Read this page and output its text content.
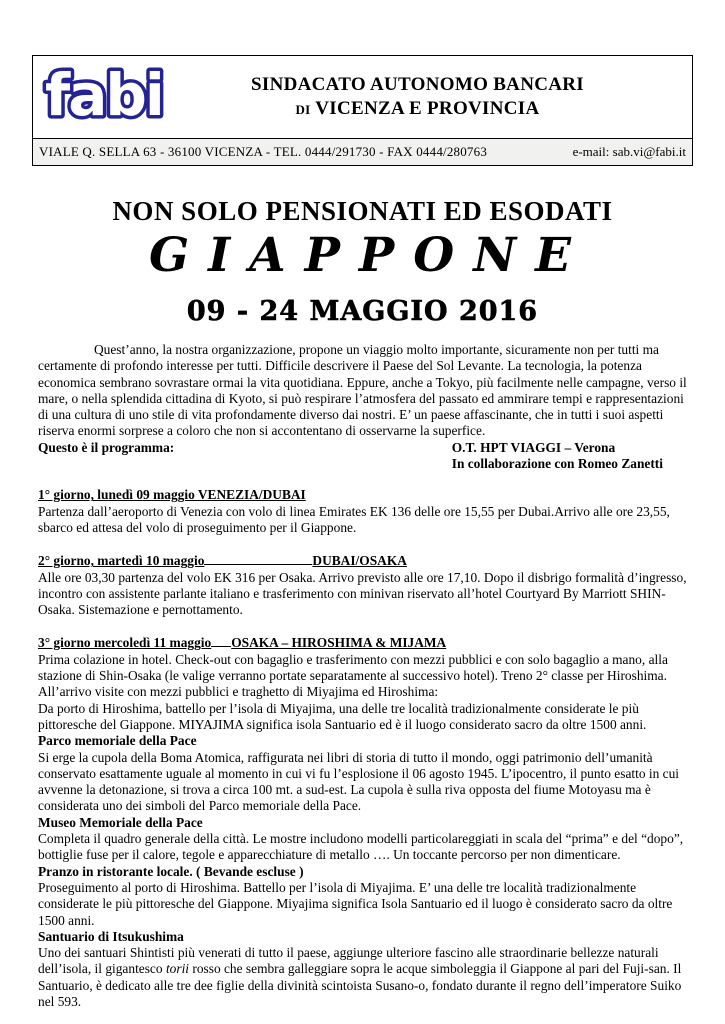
fabi	SINDACATO AUTONOMO BANCARI
DI VICENZA E PROVINCIA
VIALE Q. SELLA 63 - 36100 VICENZA - TEL. 0444/291730 - FAX 0444/280763	e-mail: sab.vi@fabi.it
NON SOLO PENSIONATI ED ESODATI
GIAPPONE
09 - 24 MAGGIO 2016

Quest’anno, la nostra organizzazione, propone un viaggio molto importante, sicuramente non per tutti ma certamente di profondo interesse per tutti. Difficile descrivere il Paese del Sol Levante. La tecnologia, la potenza economica sembrano sovrastare ormai la vita quotidiana. Eppure, anche a Tokyo, più facilmente nelle campagne, verso il mare, o nella splendida cittadina di Kyoto, si può respirare l’atmosfera del passato ed ammirare tempi e rappresentazioni di una cultura di uno stile di vita profondamente diverso dai nostri. E’ un paese affascinante, che in tutti i suoi aspetti riserva enormi sorprese a coloro che non si accontentano di osservarne la superfice.

Questo è il programma:	O.T. HPT VIAGGI – Verona
In collaborazione con Romeo Zanetti
1° giorno, lunedì 09 maggio VENEZIA/DUBAI

Partenza dall’aeroporto di Venezia con volo di linea Emirates EK 136 delle ore 15,55 per Dubai.Arrivo alle ore 23,55, sbarco ed attesa del volo di proseguimento per il Giappone.

2° giorno, martedì 10 maggio	DUBAI/OSAKA

Alle ore 03,30 partenza del volo EK 316 per Osaka. Arrivo previsto alle ore 17,10. Dopo il disbrigo formalità d’ingresso, incontro con assistente parlante italiano e trasferimento con minivan riservato all’hotel Courtyard By Marriott SHIN-Osaka. Sistemazione e pernottamento.

3° giorno mercoledì 11 maggio OSAKA – HIROSHIMA & MIJAMA

Prima colazione in hotel. Check-out con bagaglio e trasferimento con mezzi pubblici e con solo bagaglio a mano, alla stazione di Shin-Osaka (le valige verranno portate separatamente al successivo hotel). Treno 2° classe per Hiroshima. All’arrivo visite con mezzi pubblici e traghetto di Miyajima ed Hiroshima:

Da porto di Hiroshima, battello per l’isola di Miyajima, una delle tre località tradizionalmente considerate le più pittoresche del Giappone. MIYAJIMA significa isola Santuario ed è il luogo considerato sacro da oltre 1500 anni.

Parco memoriale della Pace

Si erge la cupola della Boma Atomica, raffigurata nei libri di storia di tutto il mondo, oggi patrimonio dell’umanità conservato esattamente uguale al momento in cui vi fu l’esplosione il 06 agosto 1945. L’ipocentro, il punto esatto in cui avvenne la detonazione, si trova a circa 100 mt. a sud-est. La cupola è sulla riva opposta del fiume Motoyasu ma è considerata uno dei simboli del Parco memoriale della Pace.

Museo Memoriale della Pace

Completa il quadro generale della città. Le mostre includono modelli particolareggiati in scala del “prima” e del “dopo”, bottiglie fuse per il calore, tegole e apparecchiature di metallo …. Un toccante percorso per non dimenticare.

Pranzo in ristorante locale. ( Bevande escluse )

Proseguimento al porto di Hiroshima. Battello per l’isola di Miyajima. E’ una delle tre località tradizionalmente considerate le più pittoresche del Giappone. Miyajima significa Isola Santuario ed il luogo è considerato sacro da oltre 1500 anni.

Santuario di Itsukushima

Uno dei santuari Shintisti più venerati di tutto il paese, aggiunge ulteriore fascino alle straordinarie bellezze naturali dell’isola, il gigantesco torii rosso che sembra galleggiare sopra le acque simboleggia il Giappone al pari del Fuji-san. Il Santuario, è dedicato alle tre dee figlie della divinità scintoista Susano-o, fondato durante il regno dell’imperatore Suiko nel 593.
